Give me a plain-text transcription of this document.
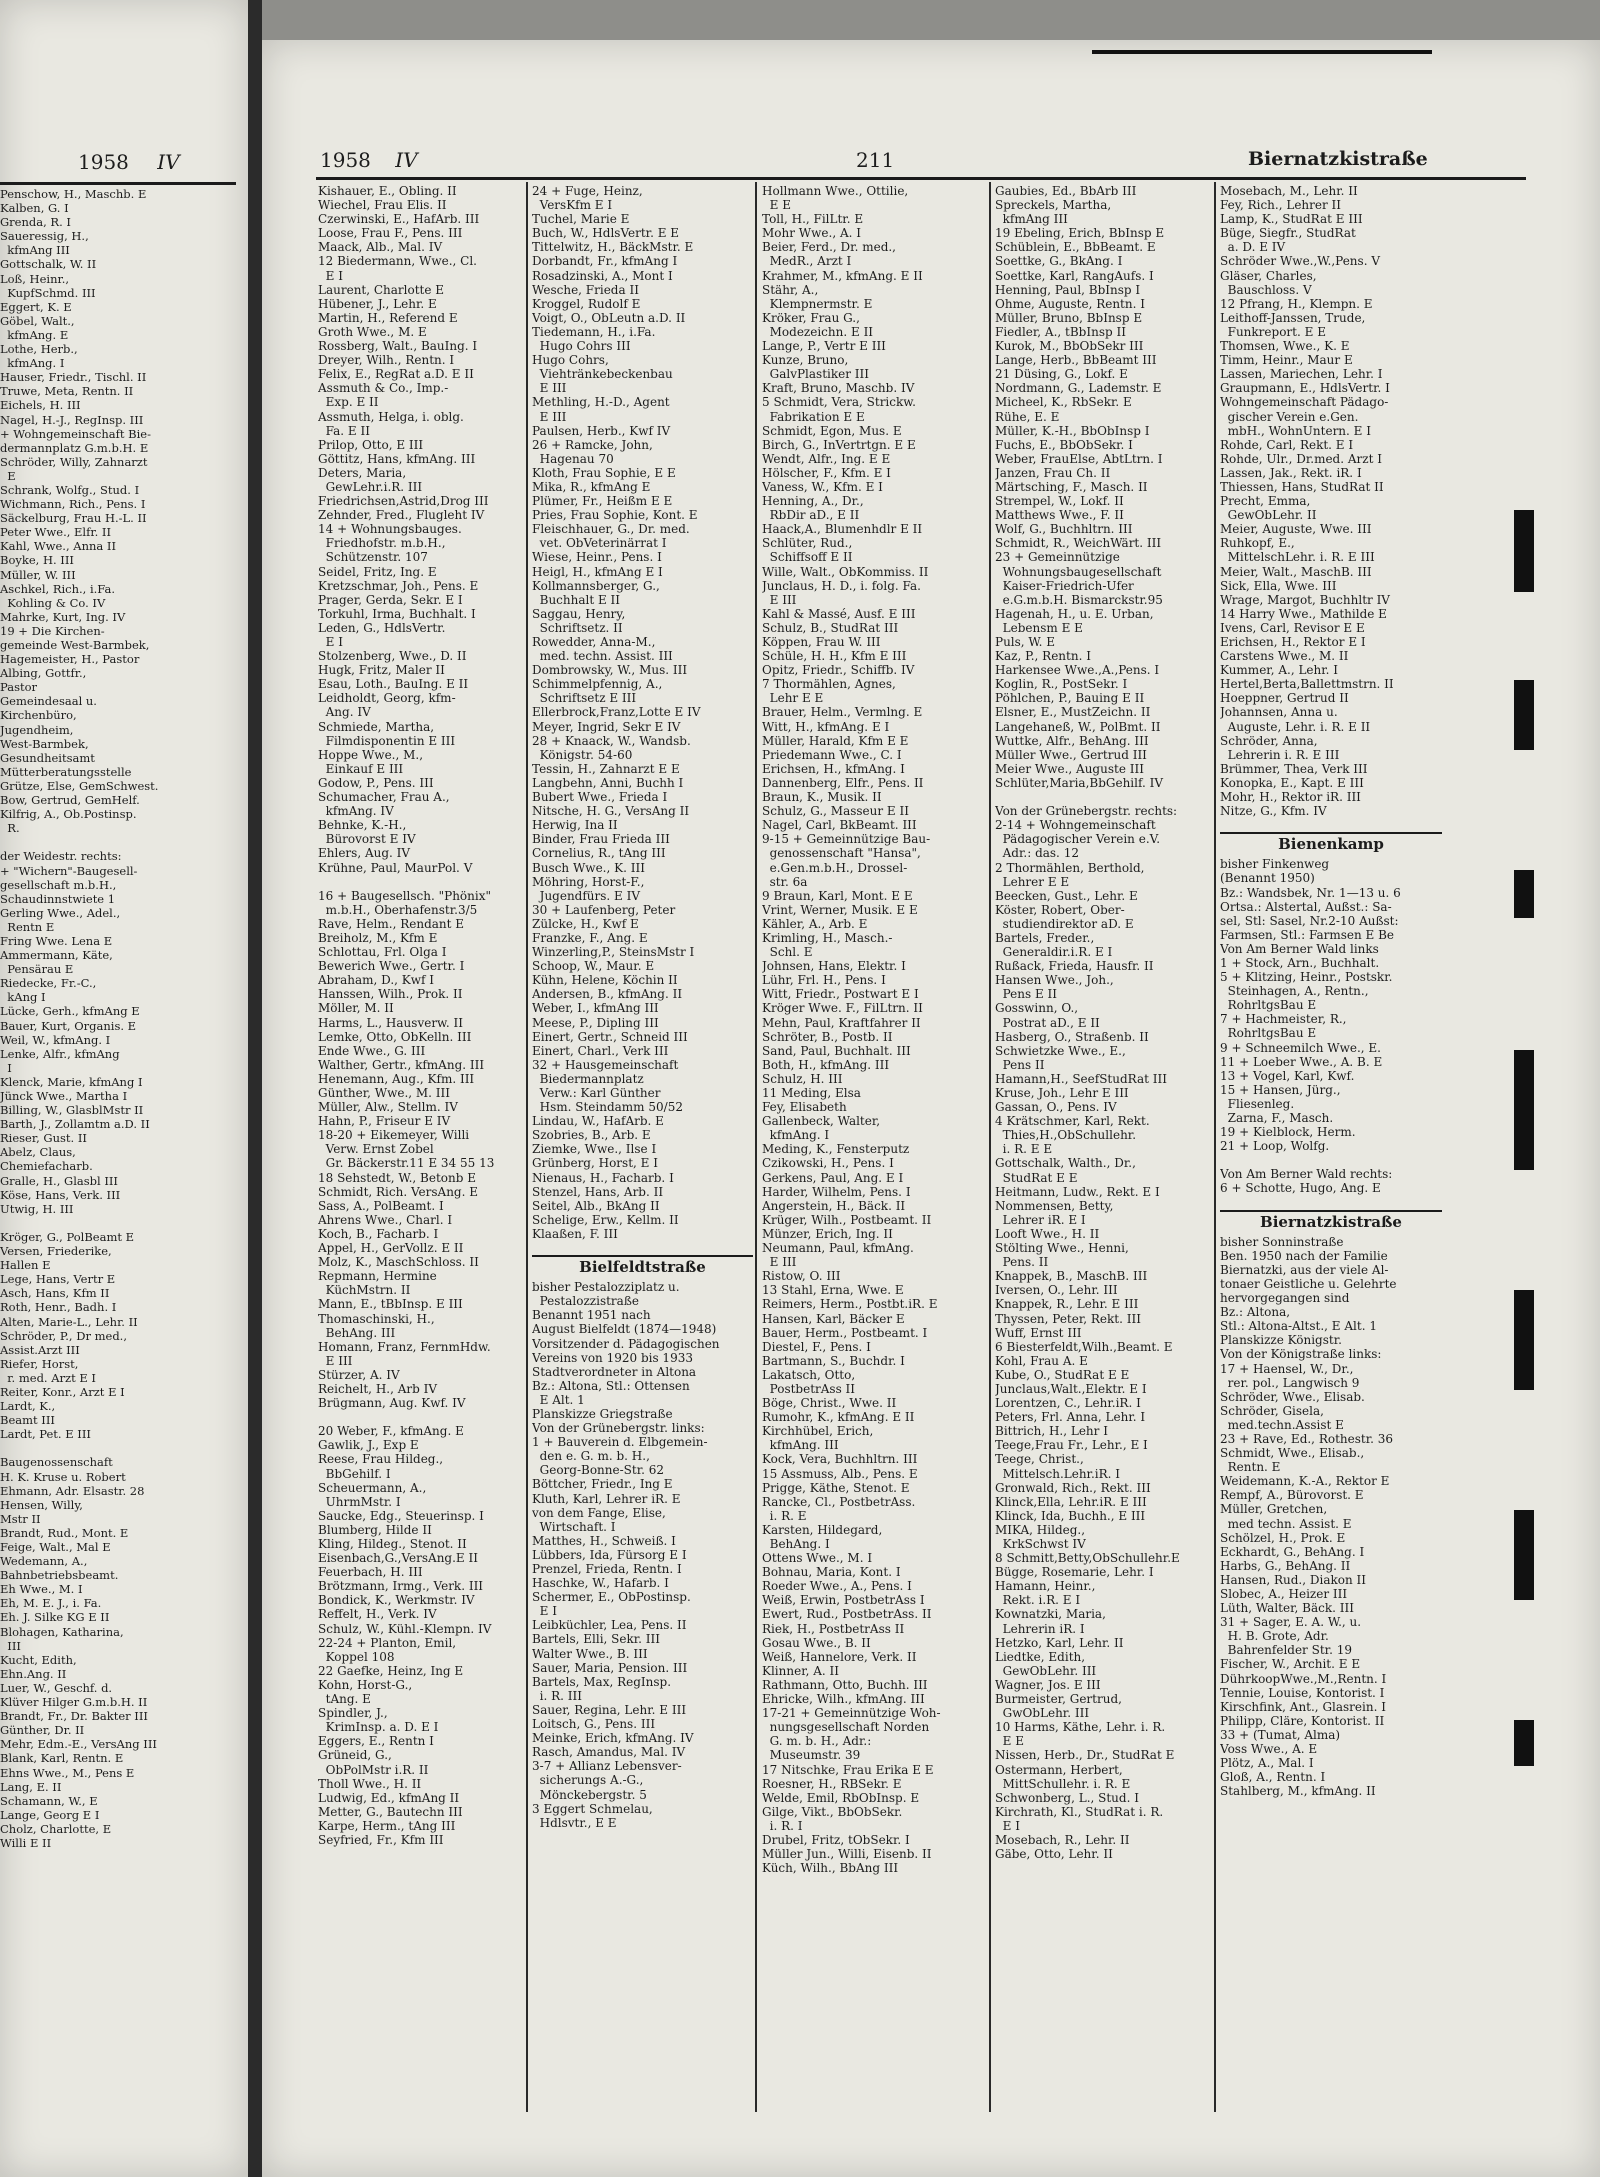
1958 IV
Penschow, H., Maschb. E
Kalben, G. I
Grenda, R. I
Saueressig, H.,
kfmAng III
Gottschalk, W. II
Loß, Heinr.,
KupfSchmd. III
Eggert, K. E
Göbel, Walt.,
kfmAng. E
Lothe, Herb.,
kfmAng. I
Hauser, Friedr., Tischl. II
Truwe, Meta, Rentn. II
Eichels, H. III
Nagel, H.-J., RegInsp. III
+ Wohngemeinschaft Bie-
dermannplatz G.m.b.H. E
Schröder, Willy, Zahnarzt
E
Schrank, Wolfg., Stud. I
Wichmann, Rich., Pens. I
Säckelburg, Frau H.-L. II
Peter Wwe., Elfr. II
Kahl, Wwe., Anna II
Boyke, H. III
Müller, W. III
Aschkel, Rich., i.Fa.
Kohling & Co. IV
Mahrke, Kurt, Ing. IV
19 + Die Kirchen-
gemeinde West-Barmbek,
Hagemeister, H., Pastor
Albing, Gottfr.,
Pastor
Gemeindesaal u.
Kirchenbüro,
Jugendheim,
West-Barmbek,
Gesundheitsamt
Mütterberatungsstelle
Grütze, Else, GemSchwest.
Bow, Gertrud, GemHelf.
Kilfrig, A., Ob.Postinsp.
R.
der Weidestr. rechts:
+ "Wichern"-Baugesell-
gesellschaft m.b.H.,
Schaudinnstwiete 1
Gerling Wwe., Adel.,
Rentn E
Fring Wwe. Lena E
Ammermann, Käte,
Pensärau E
Riedecke, Fr.-C.,
kAng I
Lücke, Gerh., kfmAng E
Bauer, Kurt, Organis. E
Weil, W., kfmAng. I
Lenke, Alfr., kfmAng
I
Klenck, Marie, kfmAng I
Jünck Wwe., Martha I
Billing, W., GlasblMstr II
Barth, J., Zollamtm a.D. II
Rieser, Gust. II
Abelz, Claus,
Chemiefacharb.
Gralle, H., Glasbl III
Köse, Hans, Verk. III
Utwig, H. III
Kröger, G., PolBeamt E
Versen, Friederike,
Hallen E
Lege, Hans, Vertr E
Asch, Hans, Kfm II
Roth, Henr., Badh. I
Alten, Marie-L., Lehr. II
Schröder, P., Dr med.,
Assist.Arzt III
Riefer, Horst,
r. med. Arzt E I
Reiter, Konr., Arzt E I
Lardt, K.,
Beamt III
Lardt, Pet. E III
Baugenossenschaft
H. K. Kruse u. Robert
Ehmann, Adr. Elsastr. 28
Hensen, Willy,
Mstr II
Brandt, Rud., Mont. E
Feige, Walt., Mal E
Wedemann, A.,
Bahnbetriebsbeamt.
Eh Wwe., M. I
Eh, M. E. J., i. Fa.
Eh. J. Silke KG E II
Blohagen, Katharina,
III
Kucht, Edith,
Ehn.Ang. II
Luer, W., Geschf. d.
Klüver Hilger G.m.b.H. II
Brandt, Fr., Dr. Bakter III
Günther, Dr. II
Mehr, Edm.-E., VersAng III
Blank, Karl, Rentn. E
Ehns Wwe., M., Pens E
Lang, E. II
Schamann, W., E
Lange, Georg E I
Cholz, Charlotte, E
Willi E II
1958 IV	211	Biernatzkistraße
Kishauer, E., Obling. II
Wiechel, Frau Elis. II
Czerwinski, E., HafArb. III
Loose, Frau F., Pens. III
Maack, Alb., Mal. IV
12 Biedermann, Wwe., Cl.
E I
Laurent, Charlotte E
Hübener, J., Lehr. E
Martin, H., Referend E
Groth Wwe., M. E
Rossberg, Walt., BauIng. I
Dreyer, Wilh., Rentn. I
Felix, E., RegRat a.D. E II
Assmuth & Co., Imp.-
Exp. E II
Assmuth, Helga, i. oblg.
Fa. E II
Prilop, Otto, E III
Göttitz, Hans, kfmAng. III
Deters, Maria,
GewLehr.i.R. III
Friedrichsen,Astrid,Drog III
Zehnder, Fred., Flugleht IV
14 + Wohnungsbauges.
Friedhofstr. m.b.H.,
Schützenstr. 107
Seidel, Fritz, Ing. E
Kretzschmar, Joh., Pens. E
Prager, Gerda, Sekr. E I
Torkuhl, Irma, Buchhalt. I
Leden, G., HdlsVertr.
E I
Stolzenberg, Wwe., D. II
Hugk, Fritz, Maler II
Esau, Loth., BauIng. E II
Leidholdt, Georg, kfm-
Ang. IV
Schmiede, Martha,
Filmdisponentin E III
Hoppe Wwe., M.,
Einkauf E III
Godow, P., Pens. III
Schumacher, Frau A.,
kfmAng. IV
Behnke, K.-H.,
Bürovorst E IV
Ehlers, Aug. IV
Krühne, Paul, MaurPol. V
16 + Baugesellsch. "Phönix"
m.b.H., Oberhafenstr.3/5
Rave, Helm., Rendant E
Breiholz, M., Kfm E
Schlottau, Frl. Olga I
Bewerich Wwe., Gertr. I
Abraham, D., Kwf I
Hanssen, Wilh., Prok. II
Möller, M. II
Harms, L., Hausverw. II
Lemke, Otto, ObKelln. III
Ende Wwe., G. III
Walther, Gertr., kfmAng. III
Henemann, Aug., Kfm. III
Günther, Wwe., M. III
Müller, Alw., Stellm. IV
Hahn, P., Friseur E IV
18-20 + Eikemeyer, Willi
Verw. Ernst Zobel
Gr. Bäckerstr.11 E 34 55 13
18 Sehstedt, W., Betonb E
Schmidt, Rich. VersAng. E
Sass, A., PolBeamt. I
Ahrens Wwe., Charl. I
Koch, B., Facharb. I
Appel, H., GerVollz. E II
Molz, K., MaschSchloss. II
Repmann, Hermine
KüchMstrn. II
Mann, E., tBbInsp. E III
Thomaschinski, H.,
BehAng. III
Homann, Franz, FernmHdw.
E III
Stürzer, A. IV
Reichelt, H., Arb IV
Brügmann, Aug. Kwf. IV
20 Weber, F., kfmAng. E
Gawlik, J., Exp E
Reese, Frau Hildeg.,
BbGehilf. I
Scheuermann, A.,
UhrmMstr. I
Saucke, Edg., Steuerinsp. I
Blumberg, Hilde II
Kling, Hildeg., Stenot. II
Eisenbach,G.,VersAng.E II
Feuerbach, H. III
Brötzmann, Irmg., Verk. III
Bondick, K., Werkmstr. IV
Reffelt, H., Verk. IV
Schulz, W., Kühl.-Klempn. IV
22-24 + Planton, Emil,
Koppel 108
22 Gaefke, Heinz, Ing E
Kohn, Horst-G.,
tAng. E
Spindler, J.,
KrimInsp. a. D. E I
Eggers, E., Rentn I
Grüneid, G.,
ObPolMstr i.R. II
Tholl Wwe., H. II
Ludwig, Ed., kfmAng II
Metter, G., Bautechn III
Karpe, Herm., tAng III
Seyfried, Fr., Kfm III
24 + Fuge, Heinz,
VersKfm E I
Tuchel, Marie E
Buch, W., HdlsVertr. E E
Tittelwitz, H., BäckMstr. E
Dorbandt, Fr., kfmAng I
Rosadzinski, A., Mont I
Wesche, Frieda II
Kroggel, Rudolf E
Voigt, O., ObLeutn a.D. II
Tiedemann, H., i.Fa.
Hugo Cohrs III
Hugo Cohrs,
Viehtränkebeckenbau
E III
Methling, H.-D., Agent
E III
Paulsen, Herb., Kwf IV
26 + Ramcke, John,
Hagenau 70
Kloth, Frau Sophie, E E
Mika, R., kfmAng E
Plümer, Fr., Heißm E E
Pries, Frau Sophie, Kont. E
Fleischhauer, G., Dr. med.
vet. ObVeterinärrat I
Wiese, Heinr., Pens. I
Heigl, H., kfmAng E I
Kollmannsberger, G.,
Buchhalt E II
Saggau, Henry,
Schriftsetz. II
Rowedder, Anna-M.,
med. techn. Assist. III
Dombrowsky, W., Mus. III
Schimmelpfennig, A.,
Schriftsetz E III
Ellerbrock,Franz,Lotte E IV
Meyer, Ingrid, Sekr E IV
28 + Knaack, W., Wandsb.
Königstr. 54-60
Tessin, H., Zahnarzt E E
Langbehn, Anni, Buchh I
Bubert Wwe., Frieda I
Nitsche, H. G., VersAng II
Herwig, Ina II
Binder, Frau Frieda III
Cornelius, R., tAng III
Busch Wwe., K. III
Möhring, Horst-F.,
Jugendfürs. E IV
30 + Laufenberg, Peter
Zülcke, H., Kwf E
Franzke, F., Ang. E
Winzerling,P., SteinsMstr I
Schoop, W., Maur. E
Kühn, Helene, Köchin II
Andersen, B., kfmAng. II
Weber, I., kfmAng III
Meese, P., Dipling III
Einert, Gertr., Schneid III
Einert, Charl., Verk III
32 + Hausgemeinschaft
Biedermannplatz
Verw.: Karl Günther
Hsm. Steindamm 50/52
Lindau, W., HafArb. E
Szobries, B., Arb. E
Ziemke, Wwe., Ilse I
Grünberg, Horst, E I
Nienaus, H., Facharb. I
Stenzel, Hans, Arb. II
Seitel, Alb., BkAng II
Schelige, Erw., Kellm. II
Klaaßen, F. III
Bielfeldtstraße
bisher Pestalozziplatz u.
Pestalozzistraße
Benannt 1951 nach
August Bielfeldt (1874—1948)
Vorsitzender d. Pädagogischen
Vereins von 1920 bis 1933
Stadtverordneter in Altona
Bz.: Altona, Stl.: Ottensen
E Alt. 1
Planskizze Griegstraße
Von der Grünebergstr. links:
1 + Bauverein d. Elbgemein-
den e. G. m. b. H.,
Georg-Bonne-Str. 62
Böttcher, Friedr., Ing E
Kluth, Karl, Lehrer iR. E
von dem Fange, Elise,
Wirtschaft. I
Matthes, H., Schweiß. I
Lübbers, Ida, Fürsorg E I
Prenzel, Frieda, Rentn. I
Haschke, W., Hafarb. I
Schermer, E., ObPostinsp.
E I
Leibküchler, Lea, Pens. II
Bartels, Elli, Sekr. III
Walter Wwe., B. III
Sauer, Maria, Pension. III
Bartels, Max, RegInsp.
i. R. III
Sauer, Regina, Lehr. E III
Loitsch, G., Pens. III
Meinke, Erich, kfmAng. IV
Rasch, Amandus, Mal. IV
3-7 + Allianz Lebensver-
sicherungs A.-G.,
Mönckebergstr. 5
3 Eggert Schmelau,
Hdlsvtr., E E
Hollmann Wwe., Ottilie,
E E
Toll, H., FilLtr. E
Mohr Wwe., A. I
Beier, Ferd., Dr. med.,
MedR., Arzt I
Krahmer, M., kfmAng. E II
Stähr, A.,
Klempnermstr. E
Kröker, Frau G.,
Modezeichn. E II
Lange, P., Vertr E III
Kunze, Bruno,
GalvPlastiker III
Kraft, Bruno, Maschb. IV
5 Schmidt, Vera, Strickw.
Fabrikation E E
Schmidt, Egon, Mus. E
Birch, G., InVertrtgn. E E
Wendt, Alfr., Ing. E E
Hölscher, F., Kfm. E I
Vaness, W., Kfm. E I
Henning, A., Dr.,
RbDir aD., E II
Haack,A., Blumenhdlr E II
Schlüter, Rud.,
Schiffsoff E II
Wille, Walt., ObKommiss. II
Junclaus, H. D., i. folg. Fa.
E III
Kahl & Massé, Ausf. E III
Schulz, B., StudRat III
Köppen, Frau W. III
Schüle, H. H., Kfm E III
Opitz, Friedr., Schiffb. IV
7 Thormählen, Agnes,
Lehr E E
Brauer, Helm., Vermlng. E
Witt, H., kfmAng. E I
Müller, Harald, Kfm E E
Priedemann Wwe., C. I
Erichsen, H., kfmAng. I
Dannenberg, Elfr., Pens. II
Braun, K., Musik. II
Schulz, G., Masseur E II
Nagel, Carl, BkBeamt. III
9-15 + Gemeinnützige Bau-
genossenschaft "Hansa",
e.Gen.m.b.H., Drossel-
str. 6a
9 Braun, Karl, Mont. E E
Vrint, Werner, Musik. E E
Kähler, A., Arb. E
Krimling, H., Masch.-
Schl. E
Johnsen, Hans, Elektr. I
Lühr, Frl. H., Pens. I
Witt, Friedr., Postwart E I
Kröger Wwe. F., FilLtrn. II
Mehn, Paul, Kraftfahrer II
Schröter, B., Postb. II
Sand, Paul, Buchhalt. III
Both, H., kfmAng. III
Schulz, H. III
11 Meding, Elsa
Fey, Elisabeth
Gallenbeck, Walter,
kfmAng. I
Meding, K., Fensterputz
Czikowski, H., Pens. I
Gerkens, Paul, Ang. E I
Harder, Wilhelm, Pens. I
Angerstein, H., Bäck. II
Krüger, Wilh., Postbeamt. II
Münzer, Erich, Ing. II
Neumann, Paul, kfmAng.
E III
Ristow, O. III
13 Stahl, Erna, Wwe. E
Reimers, Herm., Postbt.iR. E
Hansen, Karl, Bäcker E
Bauer, Herm., Postbeamt. I
Diestel, F., Pens. I
Bartmann, S., Buchdr. I
Lakatsch, Otto,
PostbetrAss II
Böge, Christ., Wwe. II
Rumohr, K., kfmAng. E II
Kirchhübel, Erich,
kfmAng. III
Kock, Vera, Buchhltrn. III
15 Assmuss, Alb., Pens. E
Prigge, Käthe, Stenot. E
Rancke, Cl., PostbetrAss.
i. R. E
Karsten, Hildegard,
BehAng. I
Ottens Wwe., M. I
Bohnau, Maria, Kont. I
Roeder Wwe., A., Pens. I
Weiß, Erwin, PostbetrAss I
Ewert, Rud., PostbetrAss. II
Riek, H., PostbetrAss II
Gosau Wwe., B. II
Weiß, Hannelore, Verk. II
Klinner, A. II
Rathmann, Otto, Buchh. III
Ehricke, Wilh., kfmAng. III
17-21 + Gemeinnützige Woh-
nungsgesellschaft Norden
G. m. b. H., Adr.:
Museumstr. 39
17 Nitschke, Frau Erika E E
Roesner, H., RBSekr. E
Welde, Emil, RbObInsp. E
Gilge, Vikt., BbObSekr.
i. R. I
Drubel, Fritz, tObSekr. I
Müller Jun., Willi, Eisenb. II
Küch, Wilh., BbAng III
Gaubies, Ed., BbArb III
Spreckels, Martha,
kfmAng III
19 Ebeling, Erich, BbInsp E
Schüblein, E., BbBeamt. E
Soettke, G., BkAng. I
Soettke, Karl, RangAufs. I
Henning, Paul, BbInsp I
Ohme, Auguste, Rentn. I
Müller, Bruno, BbInsp E
Fiedler, A., tBbInsp II
Kurok, M., BbObSekr III
Lange, Herb., BbBeamt III
21 Düsing, G., Lokf. E
Nordmann, G., Lademstr. E
Micheel, K., RbSekr. E
Rühe, E. E
Müller, K.-H., BbObInsp I
Fuchs, E., BbObSekr. I
Weber, FrauElse, AbtLtrn. I
Janzen, Frau Ch. II
Märtsching, F., Masch. II
Strempel, W., Lokf. II
Matthews Wwe., F. II
Wolf, G., Buchhltrn. III
Schmidt, R., WeichWärt. III
23 + Gemeinnützige
Wohnungsbaugesellschaft
Kaiser-Friedrich-Ufer
e.G.m.b.H. Bismarckstr.95
Hagenah, H., u. E. Urban,
Lebensm E E
Puls, W. E
Kaz, P., Rentn. I
Harkensee Wwe.,A.,Pens. I
Koglin, R., PostSekr. I
Pöhlchen, P., Bauing E II
Elsner, E., MustZeichn. II
Langehaneß, W., PolBmt. II
Wuttke, Alfr., BehAng. III
Müller Wwe., Gertrud III
Meier Wwe., Auguste III
Schlüter,Maria,BbGehilf. IV
Von der Grünebergstr. rechts:
2-14 + Wohngemeinschaft
Pädagogischer Verein e.V.
Adr.: das. 12
2 Thormählen, Berthold,
Lehrer E E
Beecken, Gust., Lehr. E
Köster, Robert, Ober-
studiendirektor aD. E
Bartels, Freder.,
Generaldir.i.R. E I
Rußack, Frieda, Hausfr. II
Hansen Wwe., Joh.,
Pens E II
Gosswinn, O.,
Postrat aD., E II
Hasberg, O., Straßenb. II
Schwietzke Wwe., E.,
Pens II
Hamann,H., SeefStudRat III
Kruse, Joh., Lehr E III
Gassan, O., Pens. IV
4 Krätschmer, Karl, Rekt.
Thies,H.,ObSchullehr.
i. R. E E
Gottschalk, Walth., Dr.,
StudRat E E
Heitmann, Ludw., Rekt. E I
Nommensen, Betty,
Lehrer iR. E I
Looft Wwe., H. II
Stölting Wwe., Henni,
Pens. II
Knappek, B., MaschB. III
Iversen, O., Lehr. III
Knappek, R., Lehr. E III
Thyssen, Peter, Rekt. III
Wuff, Ernst III
6 Biesterfeldt,Wilh.,Beamt. E
Kohl, Frau A. E
Kube, O., StudRat E E
Junclaus,Walt.,Elektr. E I
Lorentzen, C., Lehr.iR. I
Peters, Frl. Anna, Lehr. I
Bittrich, H., Lehr I
Teege,Frau Fr., Lehr., E I
Teege, Christ.,
Mittelsch.Lehr.iR. I
Gronwald, Rich., Rekt. III
Klinck,Ella, Lehr.iR. E III
Klinck, Ida, Buchh., E III
MIKA, Hildeg.,
KrkSchwst IV
8 Schmitt,Betty,ObSchullehr.E
Bügge, Rosemarie, Lehr. I
Hamann, Heinr.,
Rekt. i.R. E I
Kownatzki, Maria,
Lehrerin iR. I
Hetzko, Karl, Lehr. II
Liedtke, Edith,
GewObLehr. III
Wagner, Jos. E III
Burmeister, Gertrud,
GwObLehr. III
10 Harms, Käthe, Lehr. i. R.
E E
Nissen, Herb., Dr., StudRat E
Ostermann, Herbert,
MittSchullehr. i. R. E
Schwonberg, L., Stud. I
Kirchrath, Kl., StudRat i. R.
E I
Mosebach, R., Lehr. II
Gäbe, Otto, Lehr. II
Mosebach, M., Lehr. II
Fey, Rich., Lehrer II
Lamp, K., StudRat E III
Büge, Siegfr., StudRat
a. D. E IV
Schröder Wwe.,W.,Pens. V
Gläser, Charles,
Bauschloss. V
12 Pfrang, H., Klempn. E
Leithoff-Janssen, Trude,
Funkreport. E E
Thomsen, Wwe., K. E
Timm, Heinr., Maur E
Lassen, Mariechen, Lehr. I
Graupmann, E., HdlsVertr. I
Wohngemeinschaft Pädago-
gischer Verein e.Gen.
mbH., WohnUntern. E I
Rohde, Carl, Rekt. E I
Rohde, Ulr., Dr.med. Arzt I
Lassen, Jak., Rekt. iR. I
Thiessen, Hans, StudRat II
Precht, Emma,
GewObLehr. II
Meier, Auguste, Wwe. III
Ruhkopf, E.,
MittelschLehr. i. R. E III
Meier, Walt., MaschB. III
Sick, Ella, Wwe. III
Wrage, Margot, Buchhltr IV
14 Harry Wwe., Mathilde E
Ivens, Carl, Revisor E E
Erichsen, H., Rektor E I
Carstens Wwe., M. II
Kummer, A., Lehr. I
Hertel,Berta,Ballettmstrn. II
Hoeppner, Gertrud II
Johannsen, Anna u.
Auguste, Lehr. i. R. E II
Schröder, Anna,
Lehrerin i. R. E III
Brümmer, Thea, Verk III
Konopka, E., Kapt. E III
Mohr, H., Rektor iR. III
Nitze, G., Kfm. IV
Bienenkamp
bisher Finkenweg
(Benannt 1950)
Bz.: Wandsbek, Nr. 1—13 u. 6
Ortsa.: Alstertal, Außst.: Sa-
sel, Stl: Sasel, Nr.2-10 Außst:
Farmsen, Stl.: Farmsen E Be
Von Am Berner Wald links
1 + Stock, Arn., Buchhalt.
5 + Klitzing, Heinr., Postskr.
Steinhagen, A., Rentn.,
RohrltgsBau E
7 + Hachmeister, R.,
RohrltgsBau E
9 + Schneemilch Wwe., E.
11 + Loeber Wwe., A. B. E
13 + Vogel, Karl, Kwf.
15 + Hansen, Jürg.,
Fliesenleg.
Zarna, F., Masch.
19 + Kielblock, Herm.
21 + Loop, Wolfg.
Von Am Berner Wald rechts:
6 + Schotte, Hugo, Ang. E
Biernatzkistraße
bisher Sonninstraße
Ben. 1950 nach der Familie
Biernatzki, aus der viele Al-
tonaer Geistliche u. Gelehrte
hervorgegangen sind
Bz.: Altona,
Stl.: Altona-Altst., E Alt. 1
Planskizze Königstr.
Von der Königstraße links:
17 + Haensel, W., Dr.,
rer. pol., Langwisch 9
Schröder, Wwe., Elisab.
Schröder, Gisela,
med.techn.Assist E
23 + Rave, Ed., Rothestr. 36
Schmidt, Wwe., Elisab.,
Rentn. E
Weidemann, K.-A., Rektor E
Rempf, A., Bürovorst. E
Müller, Gretchen,
med techn. Assist. E
Schölzel, H., Prok. E
Eckhardt, G., BehAng. I
Harbs, G., BehAng. II
Hansen, Rud., Diakon II
Slobec, A., Heizer III
Lüth, Walter, Bäck. III
31 + Sager, E. A. W., u.
H. B. Grote, Adr.
Bahrenfelder Str. 19
Fischer, W., Archit. E E
DührkoopWwe.,M.,Rentn. I
Tennie, Louise, Kontorist. I
Kirschfink, Ant., Glasrein. I
Philipp, Cläre, Kontorist. II
33 + (Tumat, Alma)
Voss Wwe., A. E
Plötz, A., Mal. I
Gloß, A., Rentn. I
Stahlberg, M., kfmAng. II
